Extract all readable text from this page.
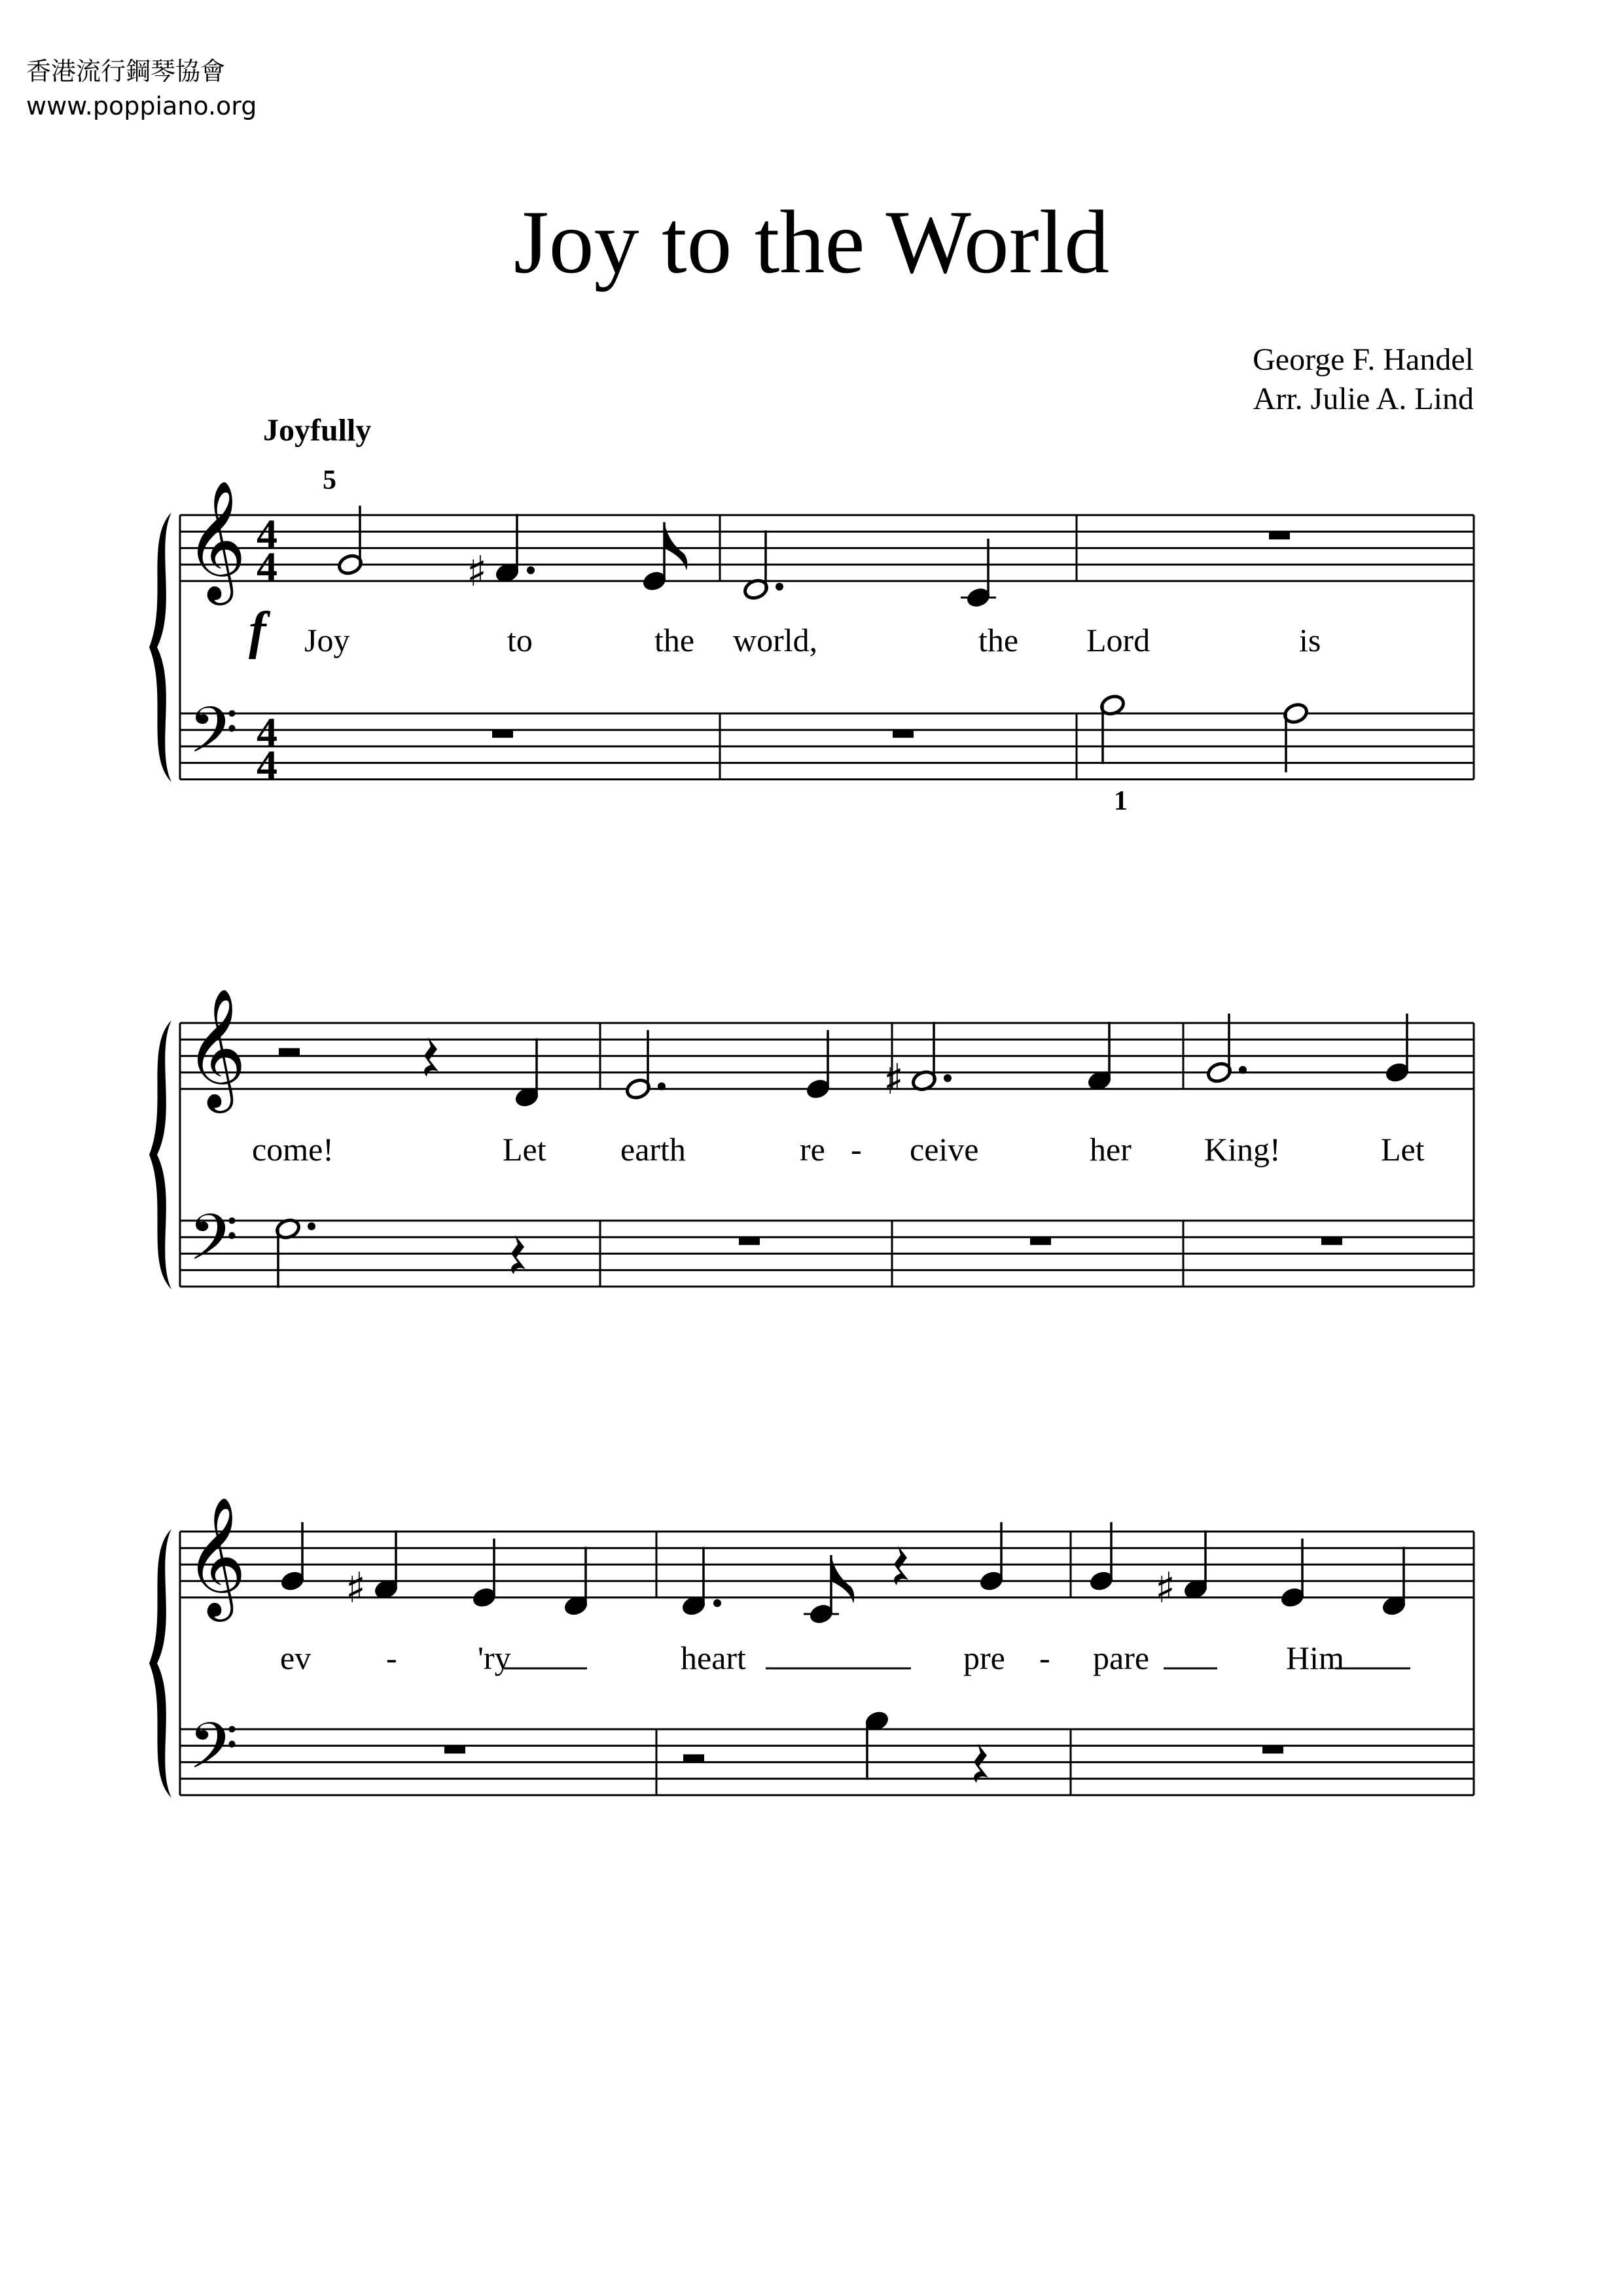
香港流行鋼琴協會
www.poppiano.org
Joy to the World
George F. Handel
Arr. Julie A. Lind
Joyfully
5
1
𝄞
𝄢
Joy	to	the world,	the Lord	is
𝄞
𝄢
come!	Let earth	re - ceive	her King!	Let
𝄞
𝄢
ev - 'ry	heart	pre - pare	Him
4
4
4
4
f
♯
♯
♯	♯
